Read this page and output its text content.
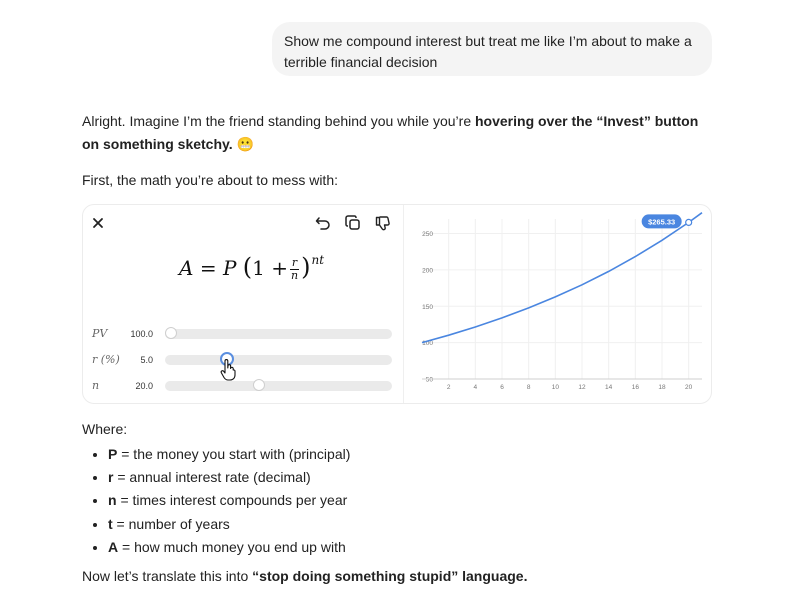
Show me compound interest but treat me like I’m about to make a terrible financial decision
Alright. Imagine I’m the friend standing behind you while you’re hovering over the “Invest” button on something sketchy. 😬
First, the math you’re about to mess with:
A = P $(1 + \frac{r}{n} )^{nt}$
PV	100.0
r (%)	5.0
n	20.0	2	4	6	8	10	12	14	16	18	20
50
100
150
200
250
$265.33
Where:
• P = the money you start with (principal)
• r = annual interest rate (decimal)
• n = times interest compounds per year
• t = number of years
• A = how much money you end up with
Now let’s translate this into “stop doing something stupid” language.
